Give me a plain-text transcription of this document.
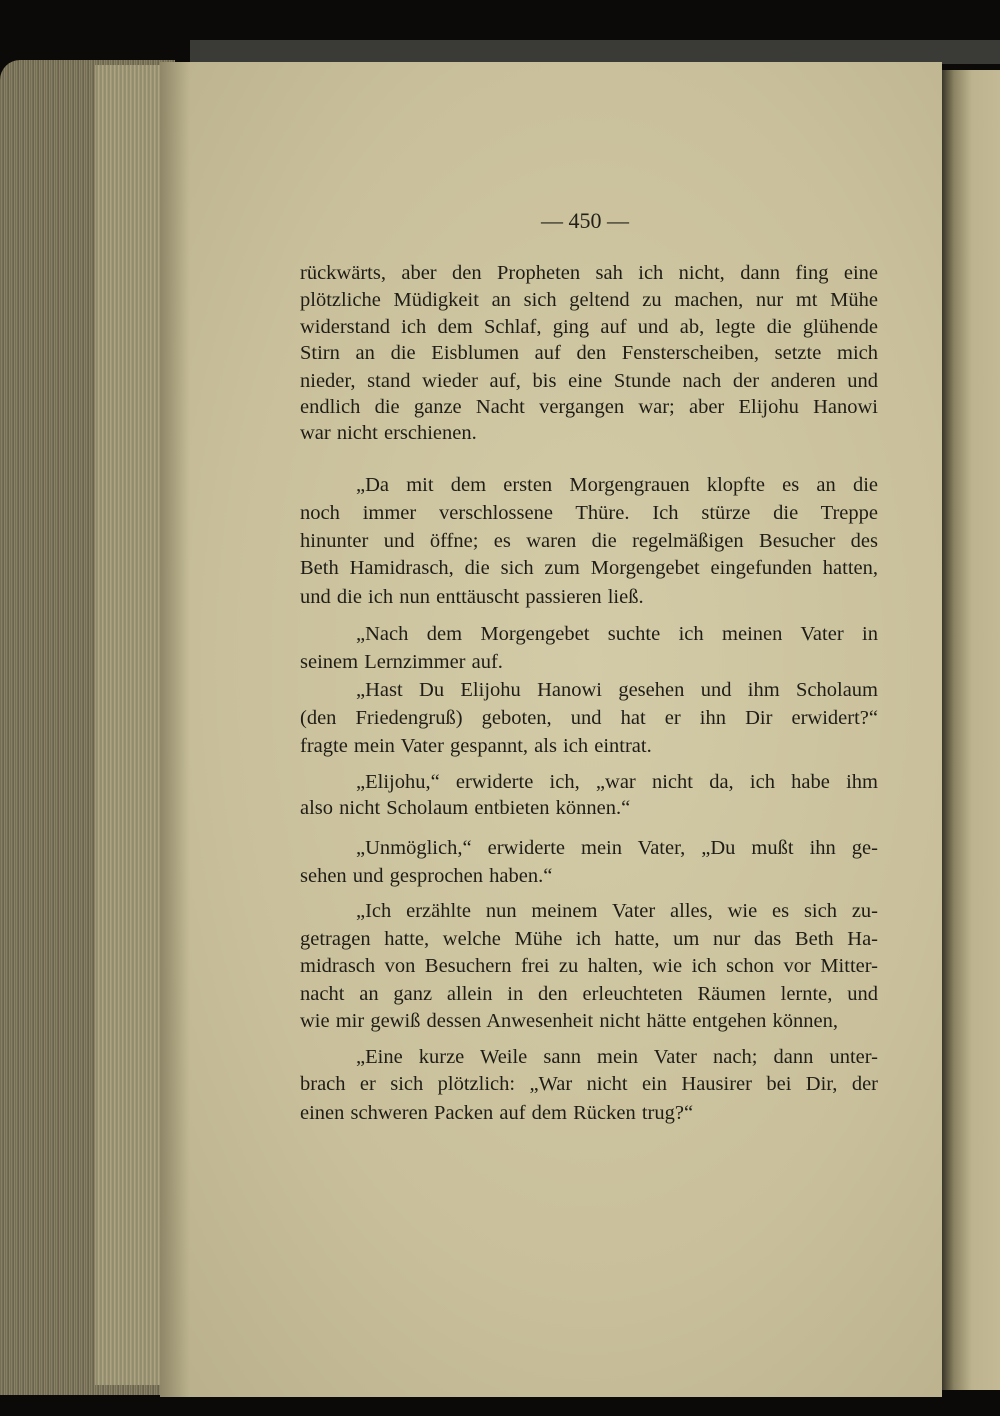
— 450 —
rückwärts, aber den Propheten sah ich nicht, dann fing eine
plötzliche Müdigkeit an sich geltend zu machen, nur mt Mühe
widerstand ich dem Schlaf, ging auf und ab, legte die glühende
Stirn an die Eisblumen auf den Fensterscheiben, setzte mich
nieder, stand wieder auf, bis eine Stunde nach der anderen und
endlich die ganze Nacht vergangen war; aber Elijohu Hanowi
war nicht erschienen.
„Da mit dem ersten Morgengrauen klopfte es an die
noch immer verschlossene Thüre. Ich stürze die Treppe
hinunter und öffne; es waren die regelmäßigen Besucher des
Beth Hamidrasch, die sich zum Morgengebet eingefunden hatten,
und die ich nun enttäuscht passieren ließ.
„Nach dem Morgengebet suchte ich meinen Vater in
seinem Lernzimmer auf.
„Hast Du Elijohu Hanowi gesehen und ihm Scholaum
(den Friedengruß) geboten, und hat er ihn Dir erwidert?“
fragte mein Vater gespannt, als ich eintrat.
„Elijohu,“ erwiderte ich, „war nicht da, ich habe ihm
also nicht Scholaum entbieten können.“
„Unmöglich,“ erwiderte mein Vater, „Du mußt ihn ge-
sehen und gesprochen haben.“
„Ich erzählte nun meinem Vater alles, wie es sich zu-
getragen hatte, welche Mühe ich hatte, um nur das Beth Ha-
midrasch von Besuchern frei zu halten, wie ich schon vor Mitter-
nacht an ganz allein in den erleuchteten Räumen lernte, und
wie mir gewiß dessen Anwesenheit nicht hätte entgehen können,
„Eine kurze Weile sann mein Vater nach; dann unter-
brach er sich plötzlich: „War nicht ein Hausirer bei Dir, der
einen schweren Packen auf dem Rücken trug?“
